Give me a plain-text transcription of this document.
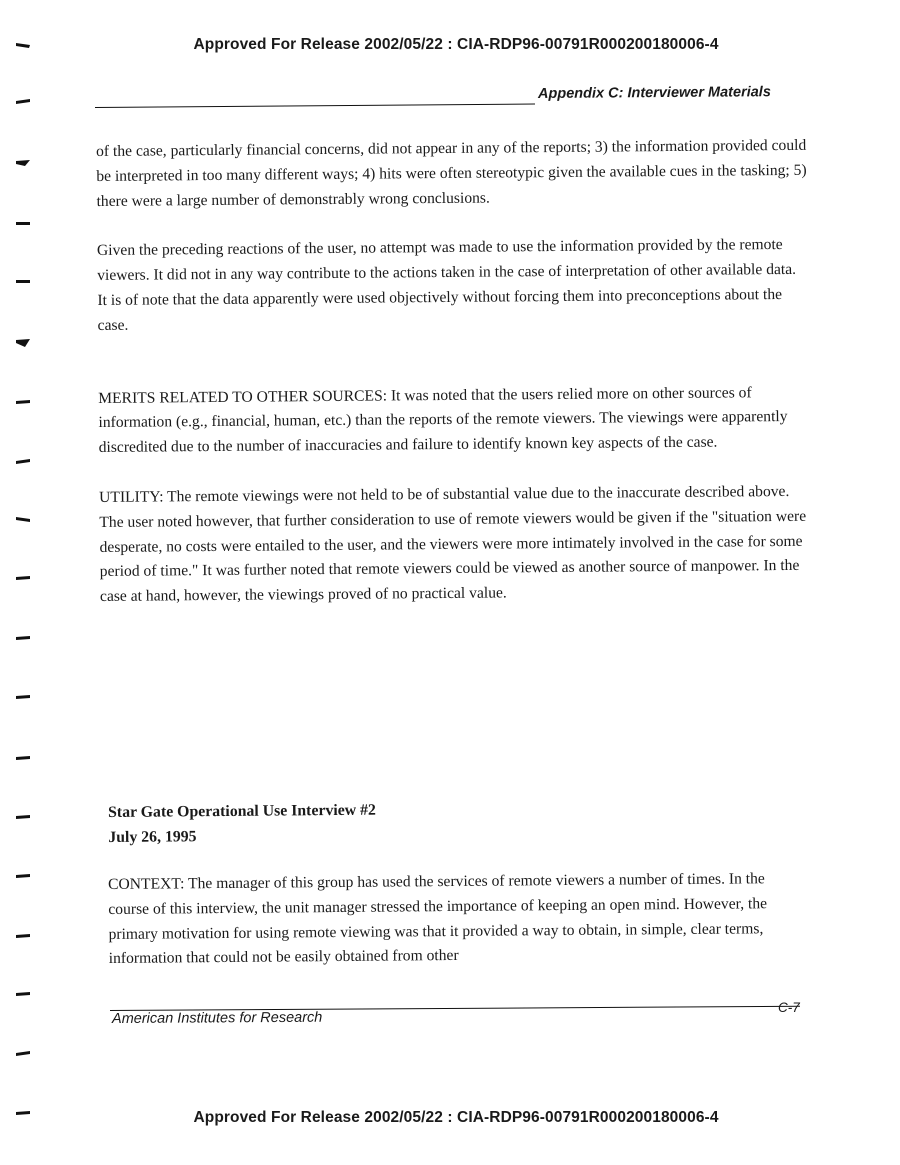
Approved For Release 2002/05/22 : CIA-RDP96-00791R000200180006-4
Appendix C: Interviewer Materials

of the case, particularly financial concerns, did not appear in any of the reports; 3) the information provided could be interpreted in too many different ways; 4) hits were often stereotypic given the available cues in the tasking; 5) there were a large number of demonstrably wrong conclusions.

Given the preceding reactions of the user, no attempt was made to use the information provided by the remote viewers. It did not in any way contribute to the actions taken in the case of interpretation of other available data. It is of note that the data apparently were used objectively without forcing them into preconceptions about the case.

MERITS RELATED TO OTHER SOURCES: It was noted that the users relied more on other sources of information (e.g., financial, human, etc.) than the reports of the remote viewers. The viewings were apparently discredited due to the number of inaccuracies and failure to identify known key aspects of the case.

UTILITY: The remote viewings were not held to be of substantial value due to the inaccurate described above. The user noted however, that further consideration to use of remote viewers would be given if the "situation were desperate, no costs were entailed to the user, and the viewers were more intimately involved in the case for some period of time." It was further noted that remote viewers could be viewed as another source of manpower. In the case at hand, however, the viewings proved of no practical value.

Star Gate Operational Use Interview #2
July 26, 1995

CONTEXT: The manager of this group has used the services of remote viewers a number of times. In the course of this interview, the unit manager stressed the importance of keeping an open mind. However, the primary motivation for using remote viewing was that it provided a way to obtain, in simple, clear terms, information that could not be easily obtained from other

American Institutes for Research
C-7
Approved For Release 2002/05/22 : CIA-RDP96-00791R000200180006-4
